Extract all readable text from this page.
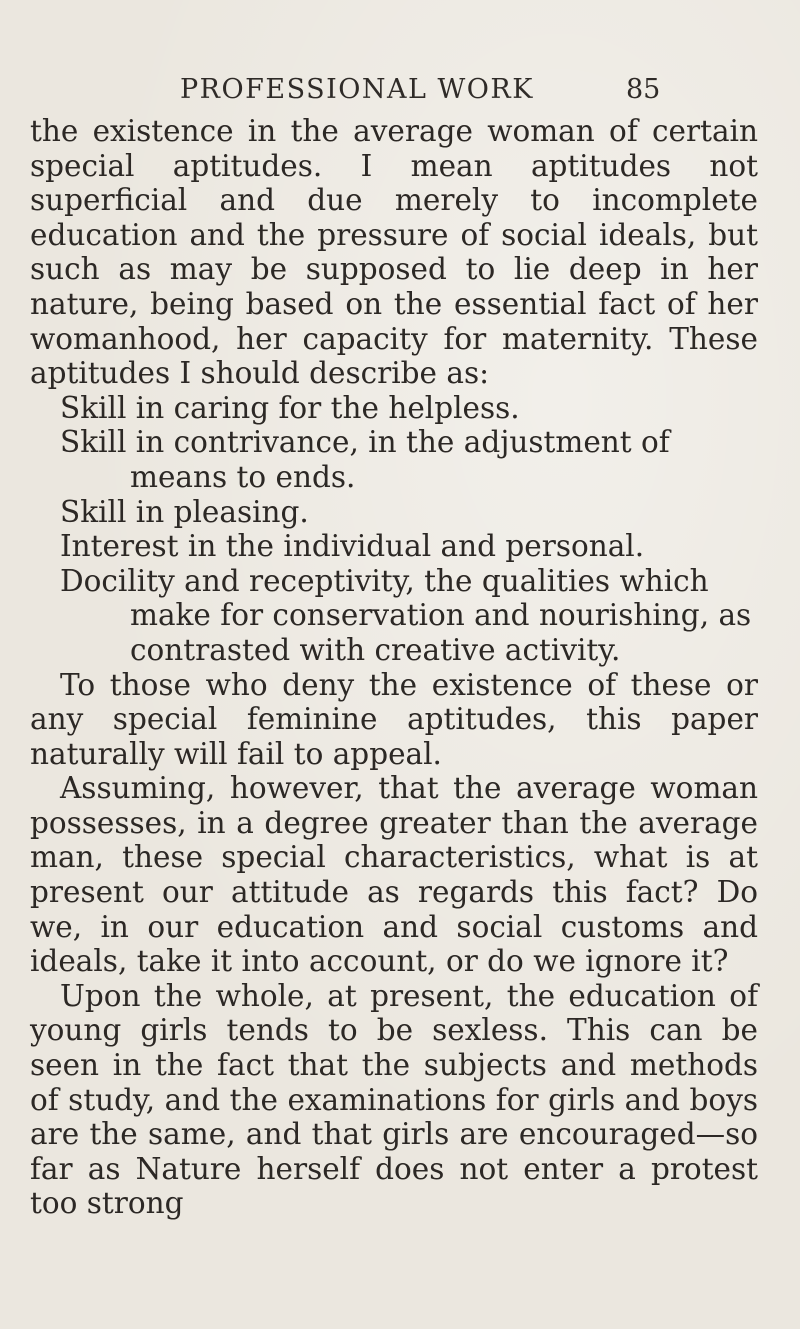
PROFESSIONAL WORK	85

the existence in the average woman of certain special aptitudes. I mean aptitudes not superficial and due merely to incomplete education and the pressure of social ideals, but such as may be supposed to lie deep in her nature, being based on the essential fact of her womanhood, her capacity for maternity. These aptitudes I should describe as:

Skill in caring for the helpless.
Skill in contrivance, in the adjustment of means to ends.
Skill in pleasing.
Interest in the individual and personal.
Docility and receptivity, the qualities which make for conservation and nourishing, as contrasted with creative activity.

To those who deny the existence of these or any special feminine aptitudes, this paper naturally will fail to appeal.

Assuming, however, that the average woman possesses, in a degree greater than the average man, these special characteristics, what is at present our attitude as regards this fact? Do we, in our education and social customs and ideals, take it into account, or do we ignore it?

Upon the whole, at present, the education of young girls tends to be sexless. This can be seen in the fact that the subjects and methods of study, and the examinations for girls and boys are the same, and that girls are encouraged—so far as Nature herself does not enter a protest too strong
